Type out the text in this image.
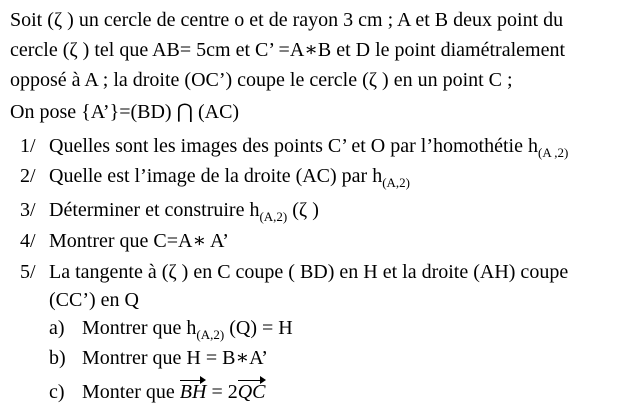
Soit (ζ ) un cercle de centre o et de rayon 3 cm ; A et B deux point du
cercle (ζ ) tel que AB= 5cm et C’ =A∗B et D le point diamétralement
opposé à A ; la droite (OC’) coupe le cercle (ζ ) en un point C ;
On pose {A’}=(BD) ⋂ (AC)
1/ Quelles sont les images des points C’ et O par l’homothétie $h_{(A ,2)}$
2/ Quelle est l’image de la droite (AC) par $h_{(A,2)}$
3/ Déterminer et construire $h_{(A,2)}$ (ζ )
4/ Montrer que C=A∗ A’
5/ La tangente à (ζ ) en C coupe ( BD) en H et la droite (AH) coupe
(CC’) en Q
a) Montrer que $h_{(A,2)}$ (Q) = H
b) Montrer que H = B∗A’
c) Monter que BH = 2QC
